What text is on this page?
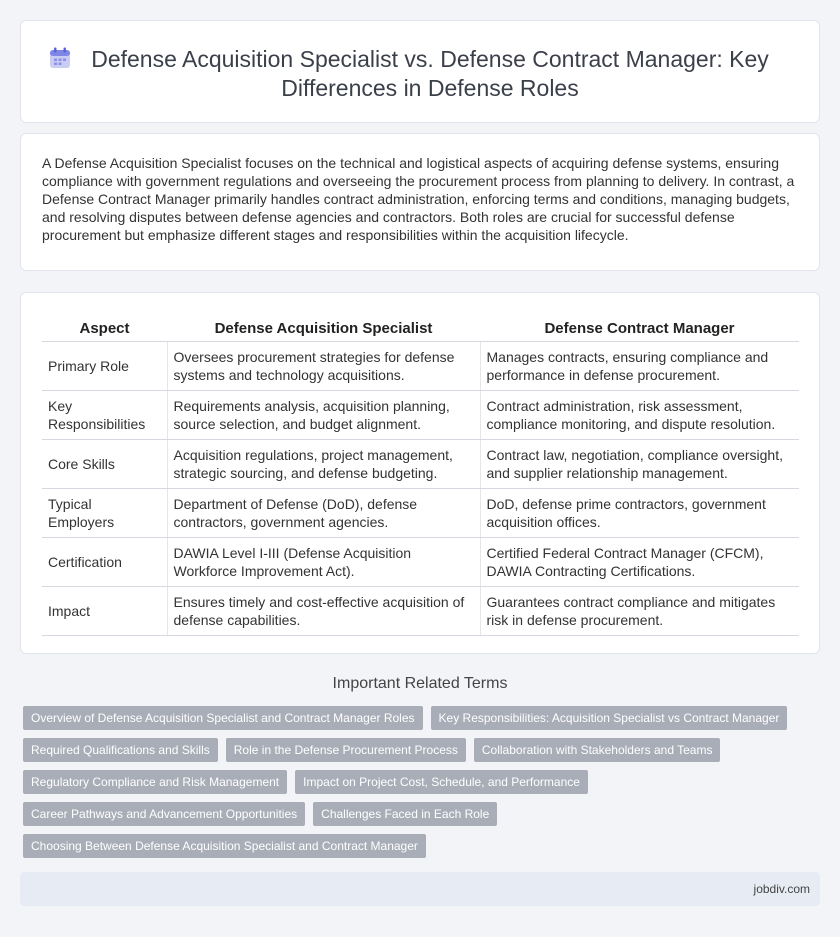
Defense Acquisition Specialist vs. Defense Contract Manager: Key Differences in Defense Roles

A Defense Acquisition Specialist focuses on the technical and logistical aspects of acquiring defense systems, ensuring compliance with government regulations and overseeing the procurement process from planning to delivery. In contrast, a Defense Contract Manager primarily handles contract administration, enforcing terms and conditions, managing budgets, and resolving disputes between defense agencies and contractors. Both roles are crucial for successful defense procurement but emphasize different stages and responsibilities within the acquisition lifecycle.

Aspect	Defense Acquisition Specialist	Defense Contract Manager
Primary Role	Oversees procurement strategies for defense systems and technology acquisitions.	Manages contracts, ensuring compliance and performance in defense procurement.
Key Responsibilities	Requirements analysis, acquisition planning, source selection, and budget alignment.	Contract administration, risk assessment, compliance monitoring, and dispute resolution.
Core Skills	Acquisition regulations, project management, strategic sourcing, and defense budgeting.	Contract law, negotiation, compliance oversight, and supplier relationship management.
Typical Employers	Department of Defense (DoD), defense contractors, government agencies.	DoD, defense prime contractors, government acquisition offices.
Certification	DAWIA Level I-III (Defense Acquisition Workforce Improvement Act).	Certified Federal Contract Manager (CFCM), DAWIA Contracting Certifications.
Impact	Ensures timely and cost-effective acquisition of defense capabilities.	Guarantees contract compliance and mitigates risk in defense procurement.
Important Related Terms
Overview of Defense Acquisition Specialist and Contract Manager Roles	Key Responsibilities: Acquisition Specialist vs Contract Manager
Required Qualifications and Skills	Role in the Defense Procurement Process	Collaboration with Stakeholders and Teams
Regulatory Compliance and Risk Management	Impact on Project Cost, Schedule, and Performance
Career Pathways and Advancement Opportunities	Challenges Faced in Each Role
Choosing Between Defense Acquisition Specialist and Contract Manager
jobdiv.com
